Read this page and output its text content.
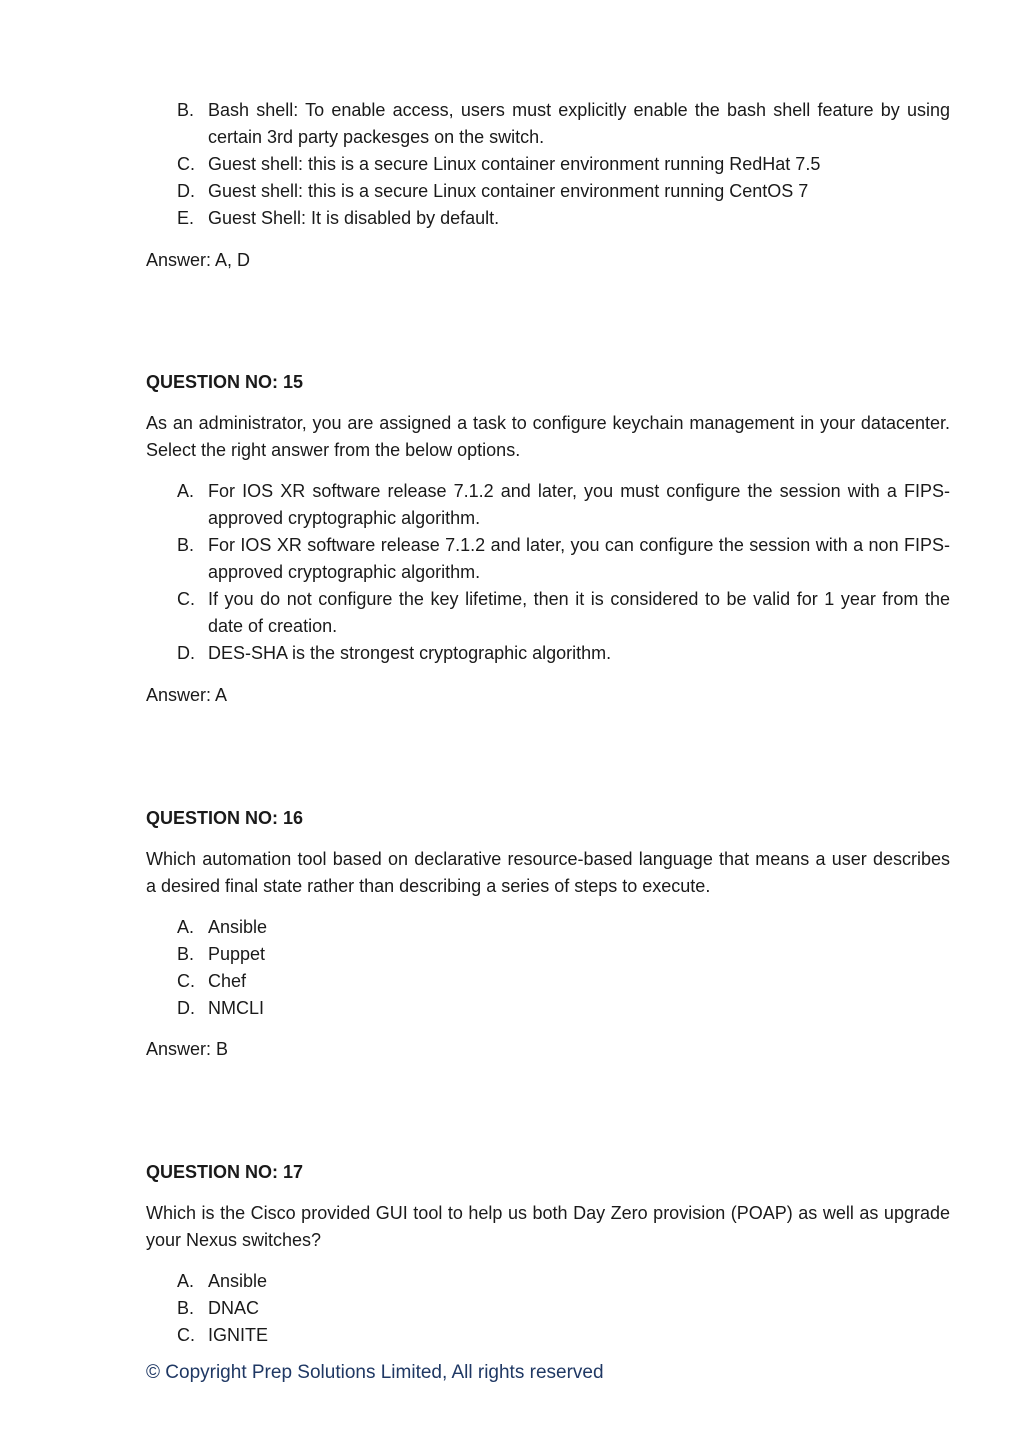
B. Bash shell: To enable access, users must explicitly enable the bash shell feature by using certain 3rd party packesges on the switch.
C. Guest shell: this is a secure Linux container environment running RedHat 7.5
D. Guest shell: this is a secure Linux container environment running CentOS 7
E. Guest Shell: It is disabled by default.
Answer: A, D
QUESTION NO: 15

As an administrator, you are assigned a task to configure keychain management in your datacenter. Select the right answer from the below options.

A. For IOS XR software release 7.1.2 and later, you must configure the session with a FIPS-approved cryptographic algorithm.
B. For IOS XR software release 7.1.2 and later, you can configure the session with a non FIPS-approved cryptographic algorithm.
C. If you do not configure the key lifetime, then it is considered to be valid for 1 year from the date of creation.
D. DES-SHA is the strongest cryptographic algorithm.
Answer: A
QUESTION NO: 16

Which automation tool based on declarative resource-based language that means a user describes a desired final state rather than describing a series of steps to execute.

A. Ansible
B. Puppet
C. Chef
D. NMCLI
Answer: B
QUESTION NO: 17

Which is the Cisco provided GUI tool to help us both Day Zero provision (POAP) as well as upgrade your Nexus switches?

A. Ansible
B. DNAC
C. IGNITE
© Copyright Prep Solutions Limited, All rights reserved
